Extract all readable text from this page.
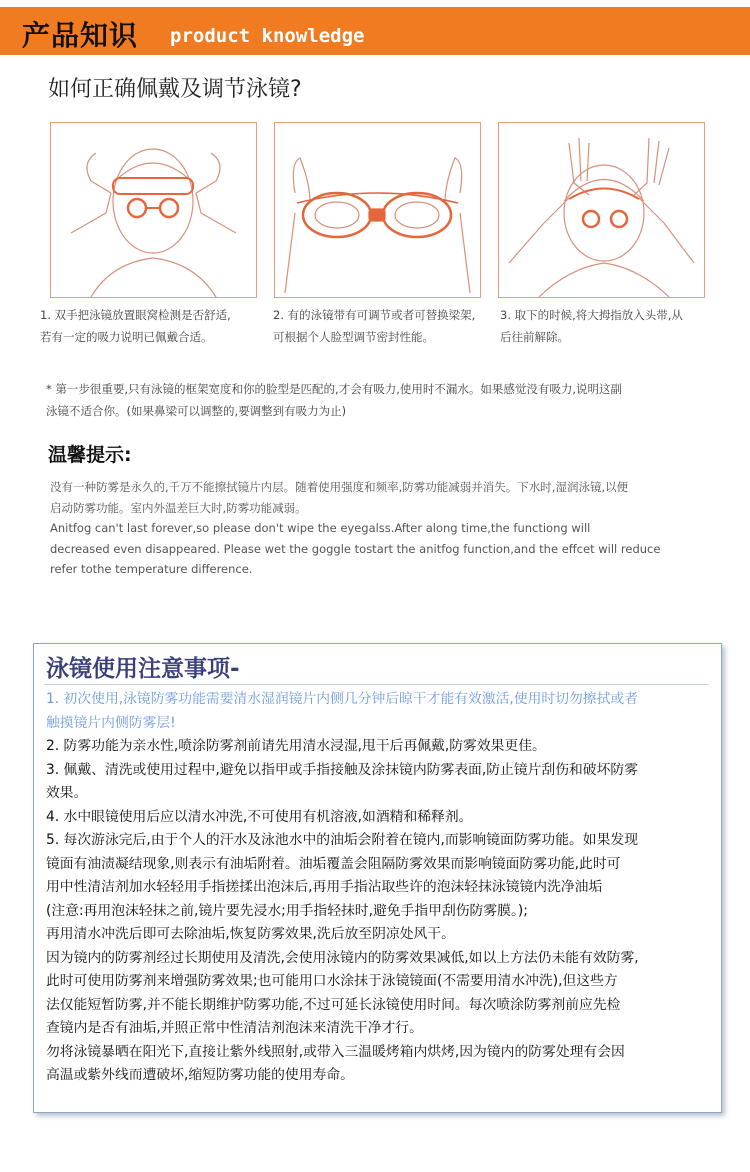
产品知识 product knowledge
如何正确佩戴及调节泳镜?
1. 双手把泳镜放置眼窝检测是否舒适,
若有一定的吸力说明已佩戴合适。
2. 有的泳镜带有可调节或者可替换梁架,
可根据个人脸型调节密封性能。
3. 取下的时候,将大拇指放入头带,从
后往前解除。
* 第一步很重要,只有泳镜的框架宽度和你的脸型是匹配的,才会有吸力,使用时不漏水。如果感觉没有吸力,说明这副
泳镜不适合你。(如果鼻梁可以调整的,要调整到有吸力为止)
温馨提示:

没有一种防雾是永久的,千万不能擦拭镜片内层。随着使用强度和频率,防雾功能减弱并消失。下水时,湿润泳镜,以便

启动防雾功能。室内外温差巨大时,防雾功能减弱。

Anitfog can't last forever,so please don't wipe the eyegalss.After along time,the functiong will

decreased even disappeared. Please wet the goggle tostart the anitfog function,and the effcet will reduce

refer tothe temperature difference.

泳镜使用注意事项-

1. 初次使用,泳镜防雾功能需要清水湿润镜片内侧几分钟后晾干才能有效激活,使用时切勿擦拭或者

触摸镜片内侧防雾层!

2. 防雾功能为亲水性,喷涂防雾剂前请先用清水浸湿,甩干后再佩戴,防雾效果更佳。

3. 佩戴、清洗或使用过程中,避免以指甲或手指接触及涂抹镜内防雾表面,防止镜片刮伤和破坏防雾

效果。

4. 水中眼镜使用后应以清水冲洗,不可使用有机溶液,如酒精和稀释剂。

5. 每次游泳完后,由于个人的汗水及泳池水中的油垢会附着在镜内,而影响镜面防雾功能。如果发现

镜面有油渍凝结现象,则表示有油垢附着。油垢覆盖会阻隔防雾效果而影响镜面防雾功能,此时可

用中性清洁剂加水轻轻用手指搓揉出泡沫后,再用手指沾取些许的泡沫轻抹泳镜镜内洗净油垢

(注意:再用泡沫轻抹之前,镜片要先浸水;用手指轻抹时,避免手指甲刮伤防雾膜。);

再用清水冲洗后即可去除油垢,恢复防雾效果,洗后放至阴凉处风干。

因为镜内的防雾剂经过长期使用及清洗,会使用泳镜内的防雾效果减低,如以上方法仍未能有效防雾,

此时可使用防雾剂来增强防雾效果;也可能用口水涂抹于泳镜镜面(不需要用清水冲洗),但这些方

法仅能短暂防雾,并不能长期维护防雾功能,不过可延长泳镜使用时间。每次喷涂防雾剂前应先检

查镜内是否有油垢,并照正常中性清洁剂泡沫来清洗干净才行。

勿将泳镜暴晒在阳光下,直接让紫外线照射,或带入三温暖烤箱内烘烤,因为镜内的防雾处理有会因

高温或紫外线而遭破坏,缩短防雾功能的使用寿命。
